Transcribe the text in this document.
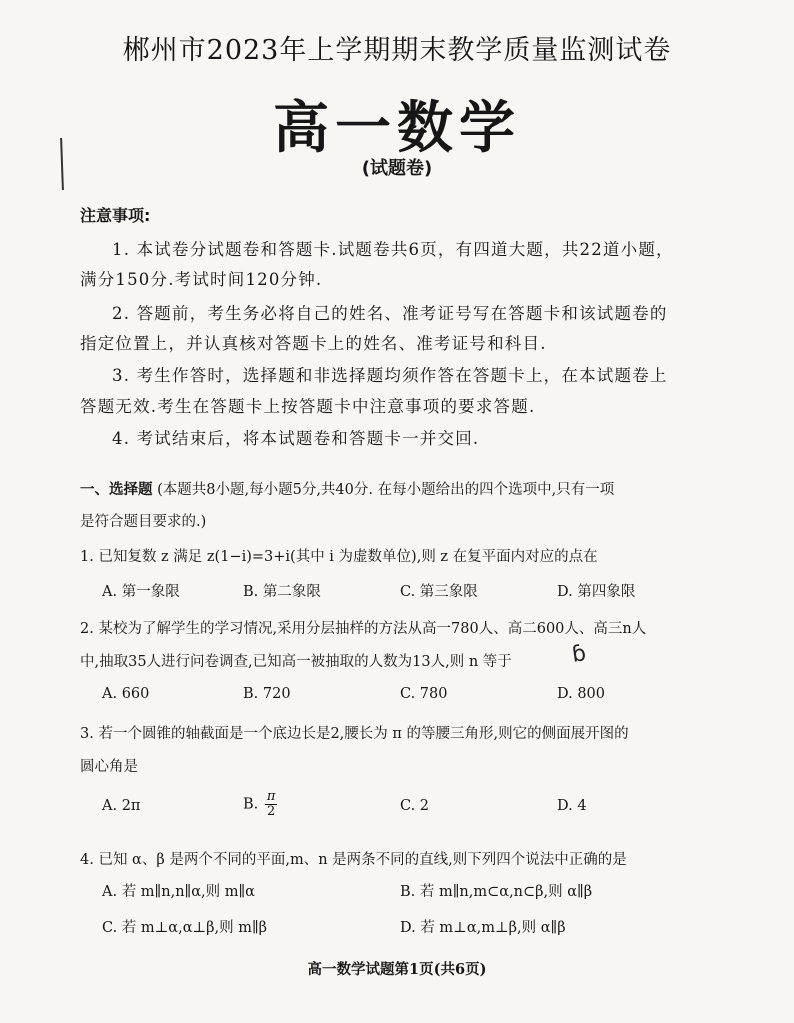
郴州市2023年上学期期末教学质量监测试卷
高一数学
(试题卷)
注意事项:
1. 本试卷分试题卷和答题卡.试题卷共6页，有四道大题，共22道小题，
满分150分.考试时间120分钟.
2. 答题前，考生务必将自己的姓名、准考证号写在答题卡和该试题卷的
指定位置上，并认真核对答题卡上的姓名、准考证号和科目.
3. 考生作答时，选择题和非选择题均须作答在答题卡上，在本试题卷上
答题无效.考生在答题卡上按答题卡中注意事项的要求答题.
4. 考试结束后，将本试题卷和答题卡一并交回.
一、选择题 (本题共8小题,每小题5分,共40分. 在每小题给出的四个选项中,只有一项
是符合题目要求的.)
1. 已知复数 z 满足 z(1−i)=3+i(其中 i 为虚数单位),则 z 在复平面内对应的点在
A. 第一象限	B. 第二象限	C. 第三象限	D. 第四象限
2. 某校为了解学生的学习情况,采用分层抽样的方法从高一780人、高二600人、高三n人
中,抽取35人进行问卷调查,已知高一被抽取的人数为13人,则 n 等于	ɓ
A. 660	B. 720	C. 780	D. 800
3. 若一个圆锥的轴截面是一个底边长是2,腰长为 π 的等腰三角形,则它的侧面展开图的
圆心角是
A. 2π	B. $\frac{\pi}{2}$	C. 2	D. 4
4. 已知 α、β 是两个不同的平面,m、n 是两条不同的直线,则下列四个说法中正确的是
A. 若 m∥n,n∥α,则 m∥α	B. 若 m∥n,m⊂α,n⊂β,则 α∥β
C. 若 m⊥α,α⊥β,则 m∥β	D. 若 m⊥α,m⊥β,则 α∥β
高一数学试题第1页(共6页)
